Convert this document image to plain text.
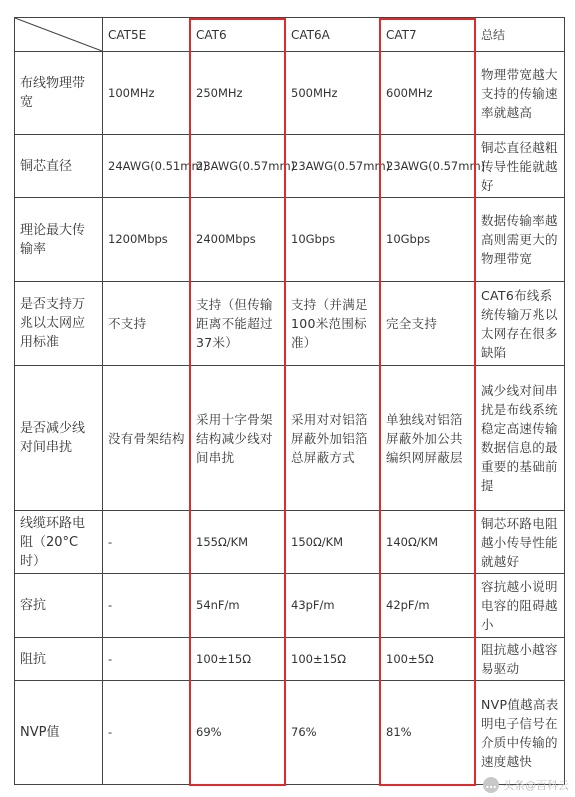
	CAT5E	CAT6	CAT6A	CAT7	总结
布线物理带宽	100MHz	250MHz	500MHz	600MHz	物理带宽越大支持的传输速率就越高
铜芯直径	24AWG(0.51mm)	23AWG(0.57mm)	23AWG(0.57mm)	23AWG(0.57mm)	铜芯直径越粗传导性能就越好
理论最大传输率	1200Mbps	2400Mbps	10Gbps	10Gbps	数据传输率越高则需更大的物理带宽
是否支持万兆以太网应用标准	不支持	支持（但传输距离不能超过37米）	支持（并满足100米范围标准）	完全支持	CAT6布线系统传输万兆以太网存在很多缺陷
是否减少线对间串扰	没有骨架结构	采用十字骨架结构减少线对间串扰	采用对对铝箔屏蔽外加铝箔总屏蔽方式	单独线对铝箔屏蔽外加公共编织网屏蔽层	减少线对间串扰是布线系统稳定高速传输数据信息的最重要的基础前提
线缆环路电阻（20°C时）	-	155Ω/KM	150Ω/KM	140Ω/KM	铜芯环路电阻越小传导性能就越好
容抗	-	54nF/m	43pF/m	42pF/m	容抗越小说明电容的阻碍越小
阻抗	-	100±15Ω	100±15Ω	100±5Ω	阻抗越小越容易驱动
NVP值	-	69%	76%	81%	NVP值越高表明电子信号在介质中传输的速度越快
… 头条@百科云
